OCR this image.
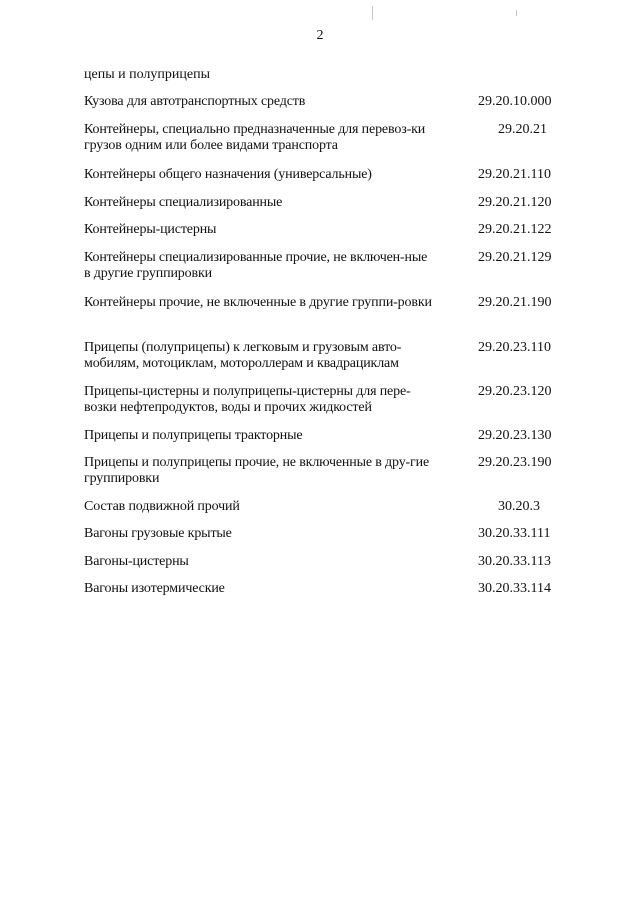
2
цепы и полуприцепы
Кузова для автотранспортных средств	29.20.10.000
Контейнеры, специально предназначенные для перевоз-ки грузов одним или более видами транспорта
29.20.21
Контейнеры общего назначения (универсальные)	29.20.21.110
Контейнеры специализированные	29.20.21.120
Контейнеры-цистерны	29.20.21.122
Контейнеры специализированные прочие, не включен-ные в другие группировки
29.20.21.129
Контейнеры прочие, не включенные в другие группи-ровки	29.20.21.190
Прицепы (полуприцепы) к легковым и грузовым авто-мобилям, мотоциклам, мотороллерам и квадрациклам
29.20.23.110
Прицепы-цистерны и полуприцепы-цистерны для пере-возки нефтепродуктов, воды и прочих жидкостей
29.20.23.120
Прицепы и полуприцепы тракторные	29.20.23.130
Прицепы и полуприцепы прочие, не включенные в дру-гие группировки
29.20.23.190
Состав подвижной прочий	30.20.3
Вагоны грузовые крытые	30.20.33.111
Вагоны-цистерны	30.20.33.113
Вагоны изотермические	30.20.33.114
